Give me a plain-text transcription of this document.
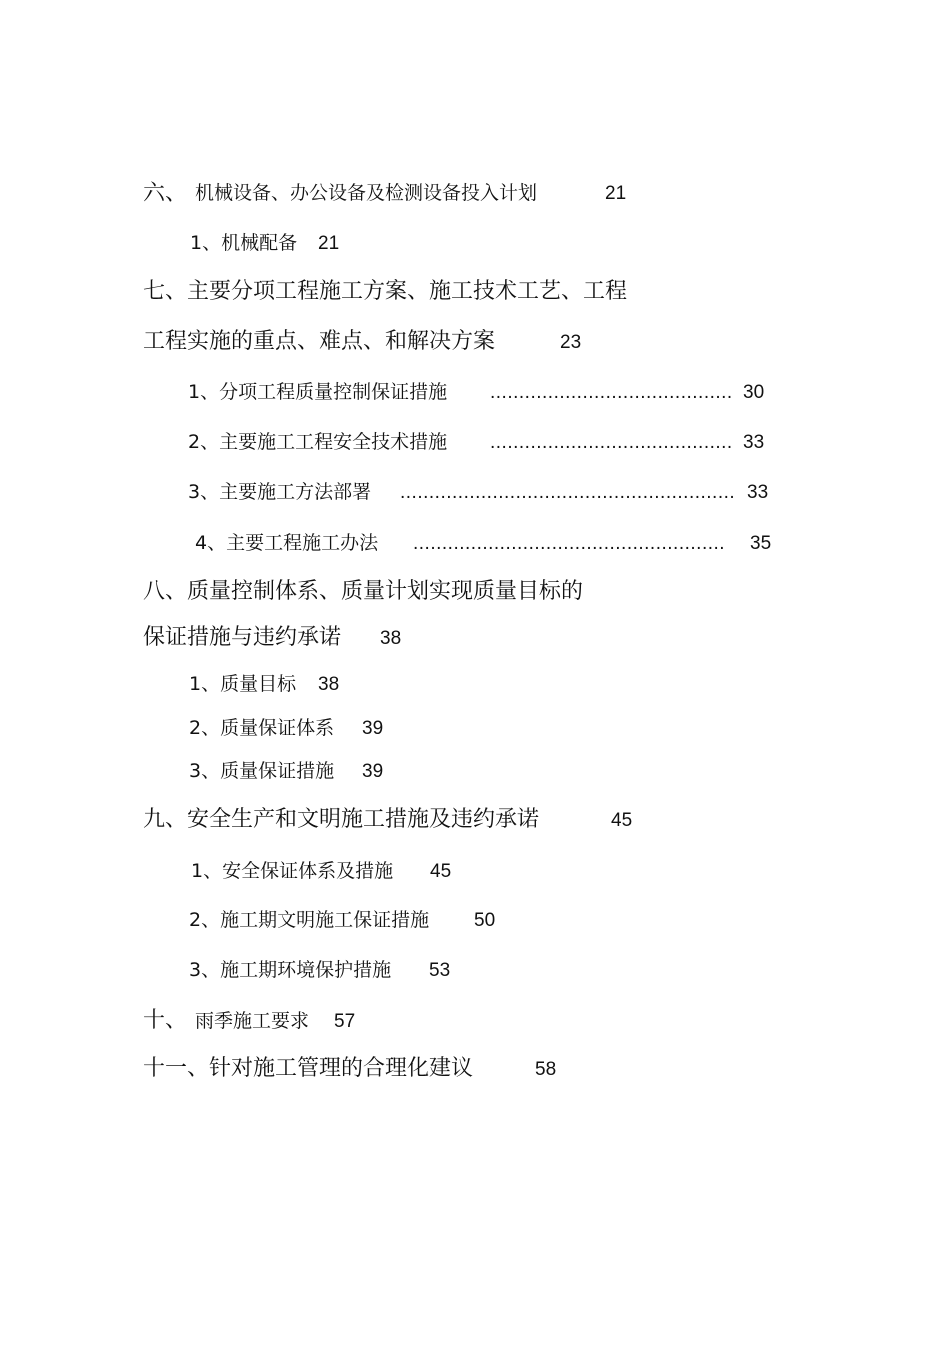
六、 机械设备、办公设备及检测设备投入计划	21
1、机械配备 21
七、主要分项工程施工方案、施工技术工艺、工程
工程实施的重点、难点、和解决方案	23
1、分项工程质量控制保证措施 .......................................... 30
2、主要施工工程安全技术措施 .......................................... 33
3、主要施工方法部署 .......................................................... 33
4、主要工程施工办法 ......................................................	35
八、质量控制体系、质量计划实现质量目标的
保证措施与违约承诺 38
1、质量目标 38
2、质量保证体系 39
3、质量保证措施 39
九、安全生产和文明施工措施及违约承诺	45
1、安全保证体系及措施 45
2、施工期文明施工保证措施 50
3、施工期环境保护措施 53
十、 雨季施工要求 57
十一、针对施工管理的合理化建议	58
